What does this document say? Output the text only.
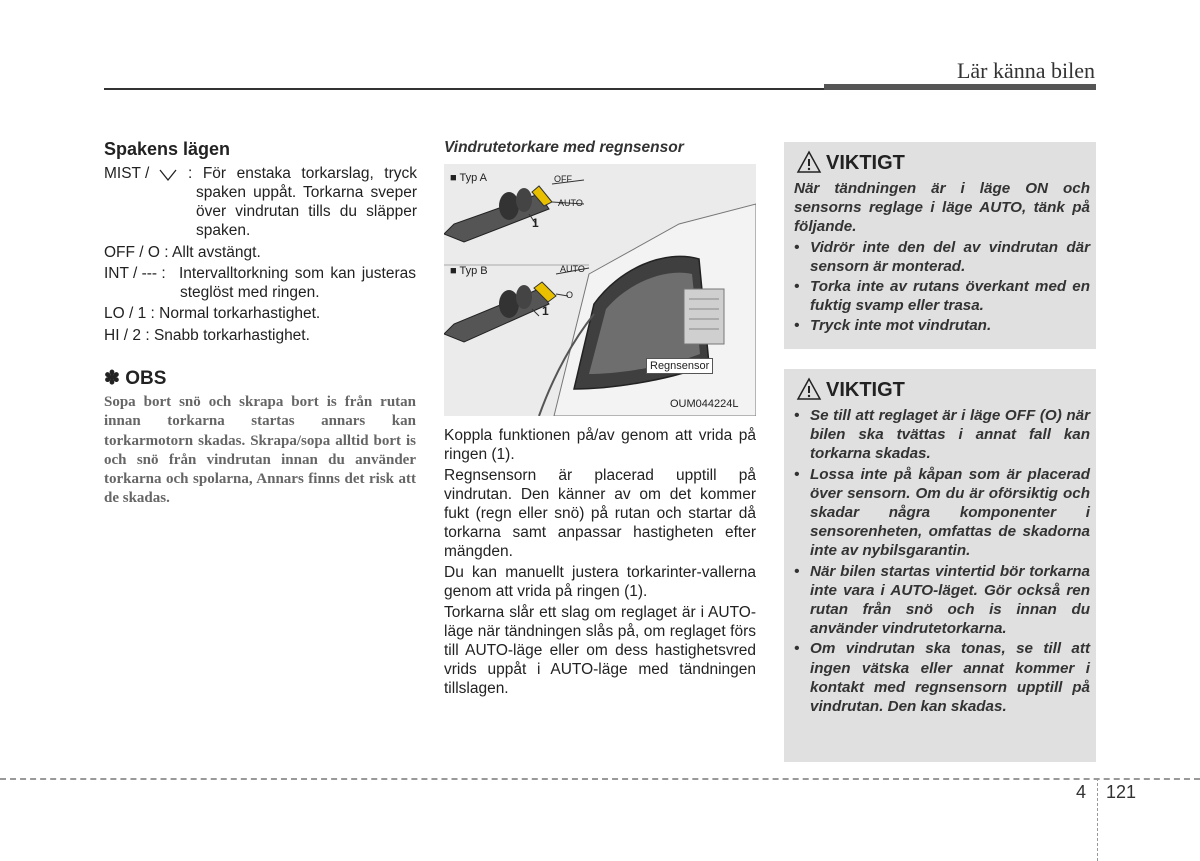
Lär känna bilen
Spakens lägen
MIST /	: För enstaka torkarslag, tryck spaken uppåt. Torkarna sveper över vindrutan tills du släpper spaken.
OFF / O : Allt avstängt.
INT / --- : Intervalltorkning som kan justeras steglöst med ringen.
LO / 1 : Normal torkarhastighet.
HI / 2 : Snabb torkarhastighet.
✽ OBS
Sopa bort snö och skrapa bort is från rutan innan torkarna startas annars kan torkarmotorn skadas. Skrapa/sopa alltid bort is och snö från vindrutan innan du använder torkarna och spolarna, Annars finns det risk att de skadas.
Vindrutetorkare med regnsensor
■ Typ A	OFF
AUTO
1
■ Typ B	AUTO
O
1
Regnsensor
OUM044224L
Koppla funktionen på/av genom att vrida på ringen (1).
Regnsensorn är placerad upptill på vindrutan. Den känner av om det kommer fukt (regn eller snö) på rutan och startar då torkarna samt anpassar hastigheten efter mängden.
Du kan manuellt justera torkarinter-vallerna genom att vrida på ringen (1).
Torkarna slår ett slag om reglaget är i AUTO-läge när tändningen slås på, om reglaget förs till AUTO-läge eller om dess hastighetsvred vrids uppåt i AUTO-läge med tändningen tillslagen.
VIKTIGT

När tändningen är i läge ON och sensorns reglage i läge AUTO, tänk på följande.

• Vidrör inte den del av vindrutan där sensorn är monterad.
• Torka inte av rutans överkant med en fuktig svamp eller trasa.
• Tryck inte mot vindrutan.
VIKTIGT
• Se till att reglaget är i läge OFF (O) när bilen ska tvättas i annat fall kan torkarna skadas.
• Lossa inte på kåpan som är placerad över sensorn. Om du är oförsiktig och skadar några komponenter i sensorenheten, omfattas de skadorna inte av nybilsgarantin.
• När bilen startas vintertid bör torkarna inte vara i AUTO-läget. Gör också ren rutan från snö och is innan du använder vindrutetorkarna.
• Om vindrutan ska tonas, se till att ingen vätska eller annat kommer i kontakt med regnsensorn upptill på vindrutan. Den kan skadas.
4 121
